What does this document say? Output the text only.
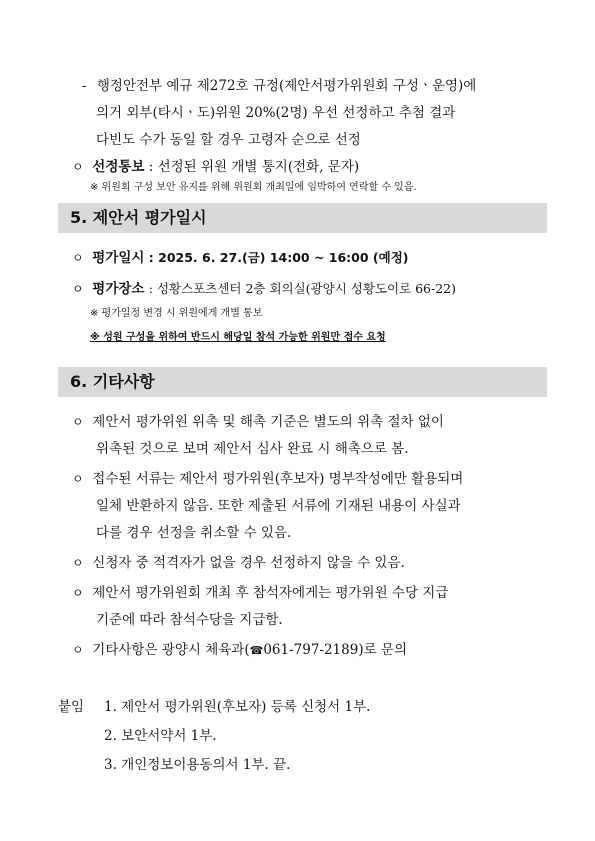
- 행정안전부 예규 제272호 규정(제안서평가위원회 구성ㆍ운영)에
의거 외부(타시ㆍ도)위원 20%(2명) 우선 선정하고 추첨 결과
다빈도 수가 동일 할 경우 고령자 순으로 선정
ㅇ 선정통보 : 선정된 위원 개별 통지(전화, 문자)
※ 위원회 구성 보안 유지를 위해 위원회 개최일에 임박하여 연락할 수 있음.
5. 제안서 평가일시
ㅇ 평가일시 : 2025. 6. 27.(금) 14:00 ~ 16:00 (예정)
ㅇ 평가장소 : 성황스포츠센터 2층 회의실(광양시 성황도이로 66-22)
※ 평가일정 변경 시 위원에게 개별 통보
※ 성원 구성을 위하여 반드시 해당일 참석 가능한 위원만 접수 요청
6. 기타사항
ㅇ 제안서 평가위원 위촉 및 해촉 기준은 별도의 위촉 절차 없이
위촉된 것으로 보며 제안서 심사 완료 시 해촉으로 봄.
ㅇ 접수된 서류는 제안서 평가위원(후보자) 명부작성에만 활용되며
일체 반환하지 않음. 또한 제출된 서류에 기재된 내용이 사실과
다를 경우 선정을 취소할 수 있음.
ㅇ 신청자 중 적격자가 없을 경우 선정하지 않을 수 있음.
ㅇ 제안서 평가위원회 개최 후 참석자에게는 평가위원 수당 지급
기준에 따라 참석수당을 지급함.
ㅇ 기타사항은 광양시 체육과(☎061-797-2189)로 문의
붙임 1. 제안서 평가위원(후보자) 등록 신청서 1부.
2. 보안서약서 1부.
3. 개인정보이용동의서 1부. 끝.
